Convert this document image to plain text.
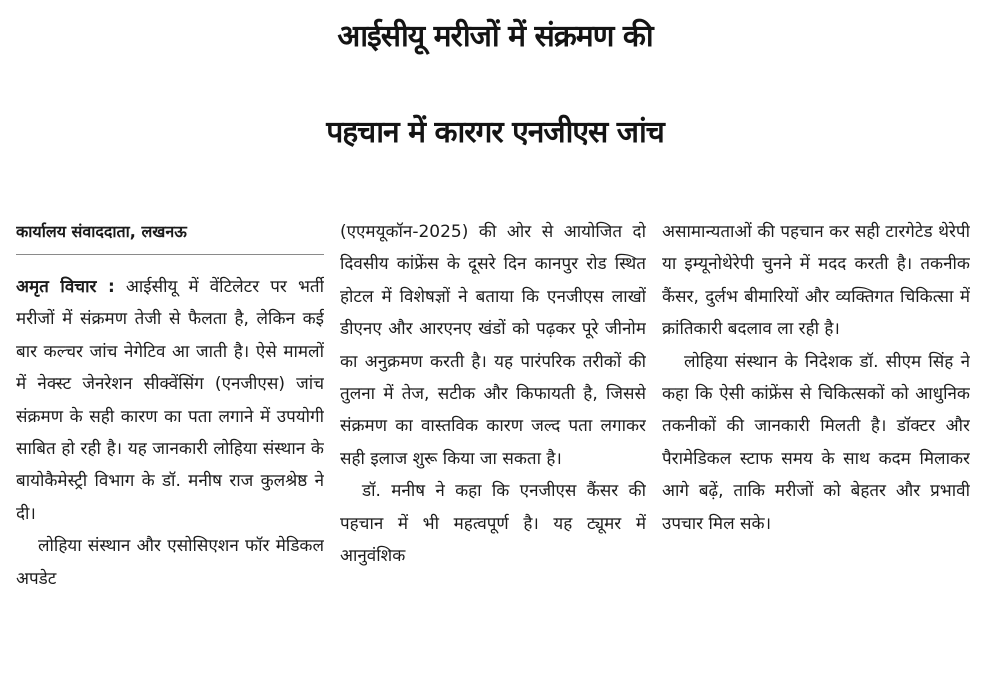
आईसीयू मरीजों में संक्रमण की
पहचान में कारगर एनजीएस जांच
कार्यालय संवाददाता, लखनऊ

अमृत विचार : आईसीयू में वेंटिलेटर पर भर्ती मरीजों में संक्रमण तेजी से फैलता है, लेकिन कई बार कल्चर जांच नेगेटिव आ जाती है। ऐसे मामलों में नेक्स्ट जेनरेशन सीक्वेंसिंग (एनजीएस) जांच संक्रमण के सही कारण का पता लगाने में उपयोगी साबित हो रही है। यह जानकारी लोहिया संस्थान के बायोकैमेस्ट्री विभाग के डॉ. मनीष राज कुलश्रेष्ठ ने दी।

लोहिया संस्थान और एसोसिएशन फॉर मेडिकल अपडेट

(एएमयूकॉन-2025) की ओर से आयोजित दो दिवसीय कांफ्रेंस के दूसरे दिन कानपुर रोड स्थित होटल में विशेषज्ञों ने बताया कि एनजीएस लाखों डीएनए और आरएनए खंडों को पढ़कर पूरे जीनोम का अनुक्रमण करती है। यह पारंपरिक तरीकों की तुलना में तेज, सटीक और किफायती है, जिससे संक्रमण का वास्तविक कारण जल्द पता लगाकर सही इलाज शुरू किया जा सकता है।

डॉ. मनीष ने कहा कि एनजीएस कैंसर की पहचान में भी महत्वपूर्ण है। यह ट्यूमर में आनुवंशिक

असामान्यताओं की पहचान कर सही टारगेटेड थेरेपी या इम्यूनोथेरेपी चुनने में मदद करती है। तकनीक कैंसर, दुर्लभ बीमारियों और व्यक्तिगत चिकित्सा में क्रांतिकारी बदलाव ला रही है।

लोहिया संस्थान के निदेशक डॉ. सीएम सिंह ने कहा कि ऐसी कांफ्रेंस से चिकित्सकों को आधुनिक तकनीकों की जानकारी मिलती है। डॉक्टर और पैरामेडिकल स्टाफ समय के साथ कदम मिलाकर आगे बढ़ें, ताकि मरीजों को बेहतर और प्रभावी उपचार मिल सके।
